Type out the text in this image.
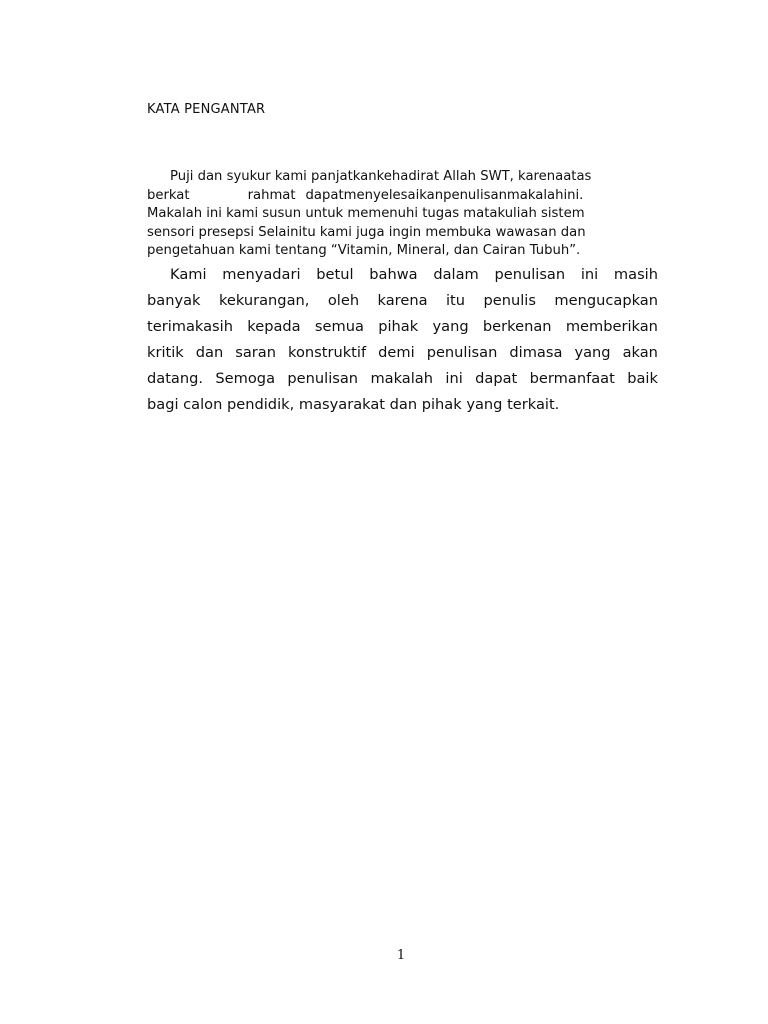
KATA PENGANTAR
Puji dan syukur kami panjatkankehadirat Allah SWT, karenaatas
berkat	rahmat dapatmenyelesaikanpenulisanmakalahini.
Makalah ini kami susun untuk memenuhi tugas matakuliah sistem
sensori presepsi Selainitu kami juga ingin membuka wawasan dan
pengetahuan kami tentang “Vitamin, Mineral, dan Cairan Tubuh”.
Kami menyadari betul bahwa dalam penulisan ini masih
banyak kekurangan, oleh karena itu penulis mengucapkan
terimakasih kepada semua pihak yang berkenan memberikan
kritik dan saran konstruktif demi penulisan dimasa yang akan
datang. Semoga penulisan makalah ini dapat bermanfaat baik
bagi calon pendidik, masyarakat dan pihak yang terkait.
1
